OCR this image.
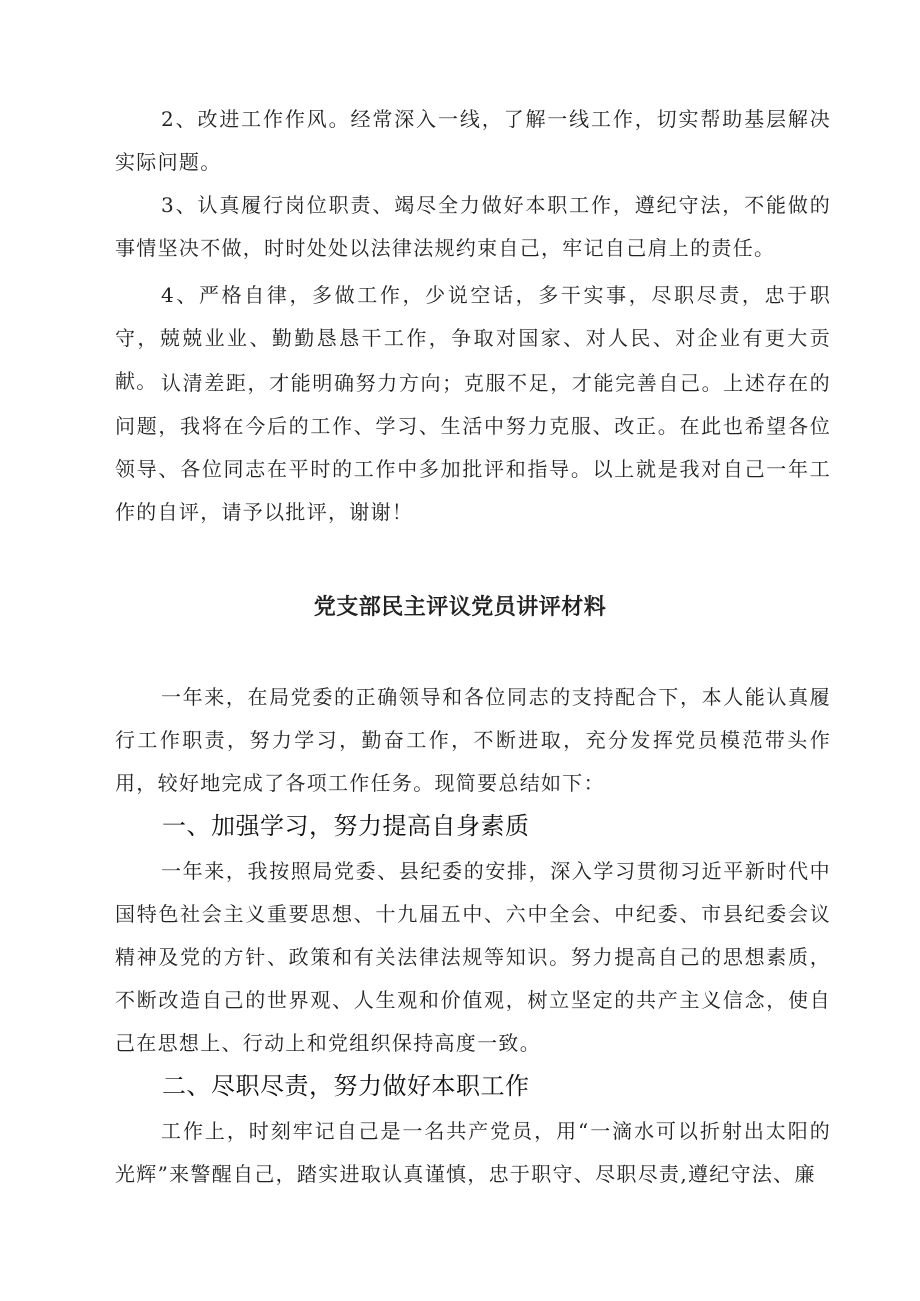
2、改进工作作风。经常深入一线，了解一线工作，切实帮助基层解决实际问题。

3、认真履行岗位职责、竭尽全力做好本职工作，遵纪守法，不能做的事情坚决不做，时时处处以法律法规约束自己，牢记自己肩上的责任。

4、严格自律，多做工作，少说空话，多干实事，尽职尽责，忠于职守，兢兢业业、勤勤恳恳干工作，争取对国家、对人民、对企业有更大贡献。 认清差距，才能明确努力方向；克服不足，才能完善自己。上述存在的问题，我将在今后的工作、学习、生活中努力克服、改正。在此也希望各位领导、各位同志在平时的工作中多加批评和指导。以上就是我对自己一年工作的自评，请予以批评，谢谢！

党支部民主评议党员讲评材料

一年来，在局党委的正确领导和各位同志的支持配合下，本人能认真履行工作职责，努力学习，勤奋工作，不断进取，充分发挥党员模范带头作用，较好地完成了各项工作任务。现简要总结如下：

一、加强学习，努力提高自身素质

一年来，我按照局党委、县纪委的安排，深入学习贯彻习近平新时代中国特色社会主义重要思想、十九届五中、六中全会、中纪委、市县纪委会议精神及党的方针、政策和有关法律法规等知识。努力提高自己的思想素质，不断改造自己的世界观、人生观和价值观，树立坚定的共产主义信念，使自己在思想上、行动上和党组织保持高度一致。

二、尽职尽责，努力做好本职工作

工作上，时刻牢记自己是一名共产党员，用“一滴水可以折射出太阳的光辉”来警醒自己，踏实进取认真谨慎，忠于职守、尽职尽责,遵纪守法、廉
